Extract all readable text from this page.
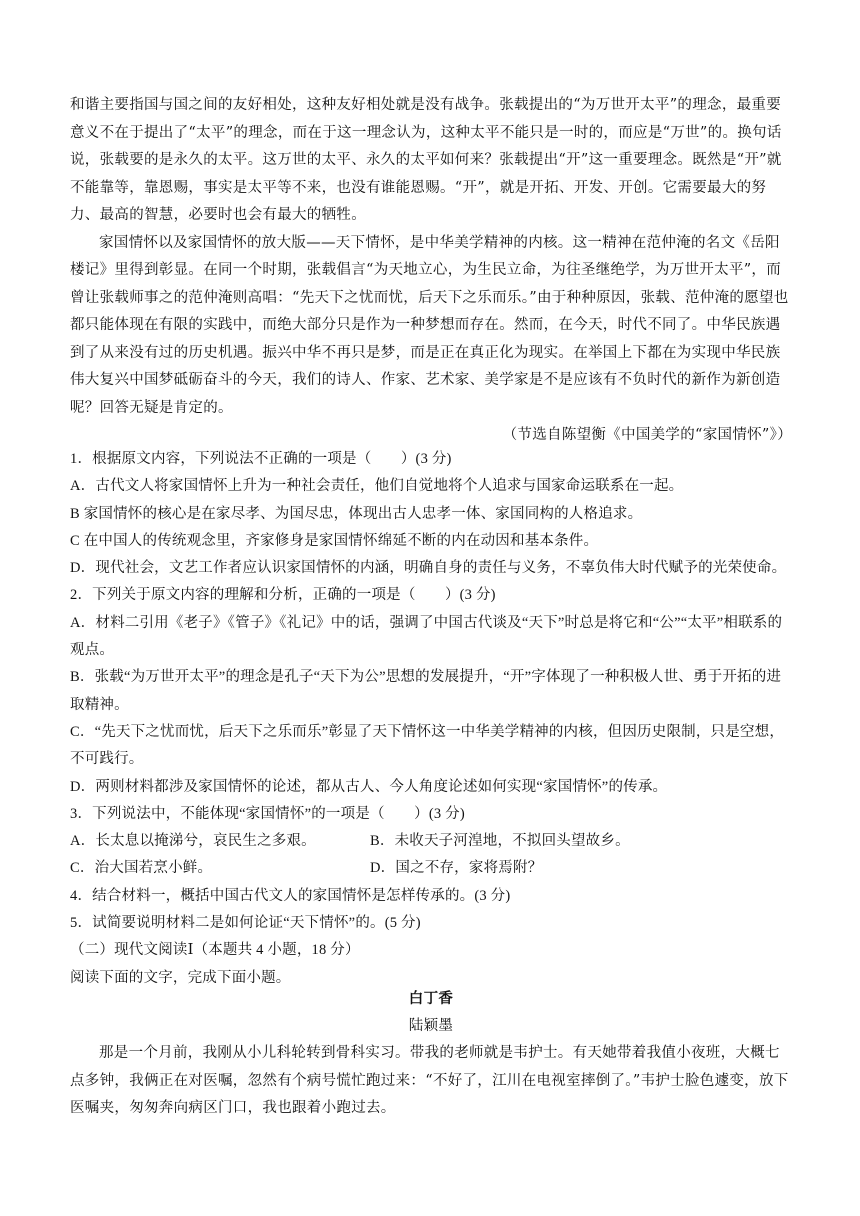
和谐主要指国与国之间的友好相处，这种友好相处就是没有战争。张载提出的“为万世开太平”的理念，最重要意义不在于提出了“太平”的理念，而在于这一理念认为，这种太平不能只是一时的，而应是“万世”的。换句话说，张载要的是永久的太平。这万世的太平、永久的太平如何来？张载提出“开”这一重要理念。既然是“开”就不能靠等，靠恩赐，事实是太平等不来，也没有谁能恩赐。“开”，就是开拓、开发、开创。它需要最大的努力、最高的智慧，必要时也会有最大的牺牲。

家国情怀以及家国情怀的放大版——天下情怀，是中华美学精神的内核。这一精神在范仲淹的名文《岳阳楼记》里得到彰显。在同一个时期，张载倡言“为天地立心，为生民立命，为往圣继绝学，为万世开太平”，而曾让张载师事之的范仲淹则高唱：“先天下之忧而忧，后天下之乐而乐。”由于种种原因，张载、范仲淹的愿望也都只能体现在有限的实践中，而绝大部分只是作为一种梦想而存在。然而，在今天，时代不同了。中华民族遇到了从来没有过的历史机遇。振兴中华不再只是梦，而是正在真正化为现实。在举国上下都在为实现中华民族伟大复兴中国梦砥砺奋斗的今天，我们的诗人、作家、艺术家、美学家是不是应该有不负时代的新作为新创造呢？回答无疑是肯定的。

（节选自陈望衡《中国美学的“家国情怀”》）

1．根据原文内容，下列说法不正确的一项是（　　）(3 分)

A．古代文人将家国情怀上升为一种社会责任，他们自觉地将个人追求与国家命运联系在一起。

B 家国情怀的核心是在家尽孝、为国尽忠，体现出古人忠孝一体、家国同构的人格追求。

C 在中国人的传统观念里，齐家修身是家国情怀绵延不断的内在动因和基本条件。

D．现代社会，文艺工作者应认识家国情怀的内涵，明确自身的责任与义务，不辜负伟大时代赋予的光荣使命。

2．下列关于原文内容的理解和分析，正确的一项是（　　）(3 分)

A．材料二引用《老子》《管子》《礼记》中的话，强调了中国古代谈及“天下”时总是将它和“公”“太平”相联系的观点。

B．张载“为万世开太平”的理念是孔子“天下为公”思想的发展提升，“开”字体现了一种积极人世、勇于开拓的进取精神。

C．“先天下之忧而忧，后天下之乐而乐”彰显了天下情怀这一中华美学精神的内核，但因历史限制，只是空想，不可践行。

D．两则材料都涉及家国情怀的论述，都从古人、今人角度论述如何实现“家国情怀”的传承。

3．下列说法中，不能体现“家国情怀”的一项是（　　）(3 分)

A．长太息以掩涕兮，哀民生之多艰。	B．未收天子河湟地，不拟回头望故乡。
C．治大国若烹小鲜。	D．国之不存，家将焉附？

4．结合材料一，概括中国古代文人的家国情怀是怎样传承的。(3 分)

5．试简要说明材料二是如何论证“天下情怀”的。(5 分)

（二）现代文阅读Ⅰ（本题共 4 小题，18 分）

阅读下面的文字，完成下面小题。

白丁香

陆颖墨

那是一个月前，我刚从小儿科轮转到骨科实习。带我的老师就是韦护士。有天她带着我值小夜班，大概七点多钟，我俩正在对医嘱，忽然有个病号慌忙跑过来：“不好了，江川在电视室摔倒了。”韦护士脸色遽变，放下医嘱夹，匆匆奔向病区门口，我也跟着小跑过去。
